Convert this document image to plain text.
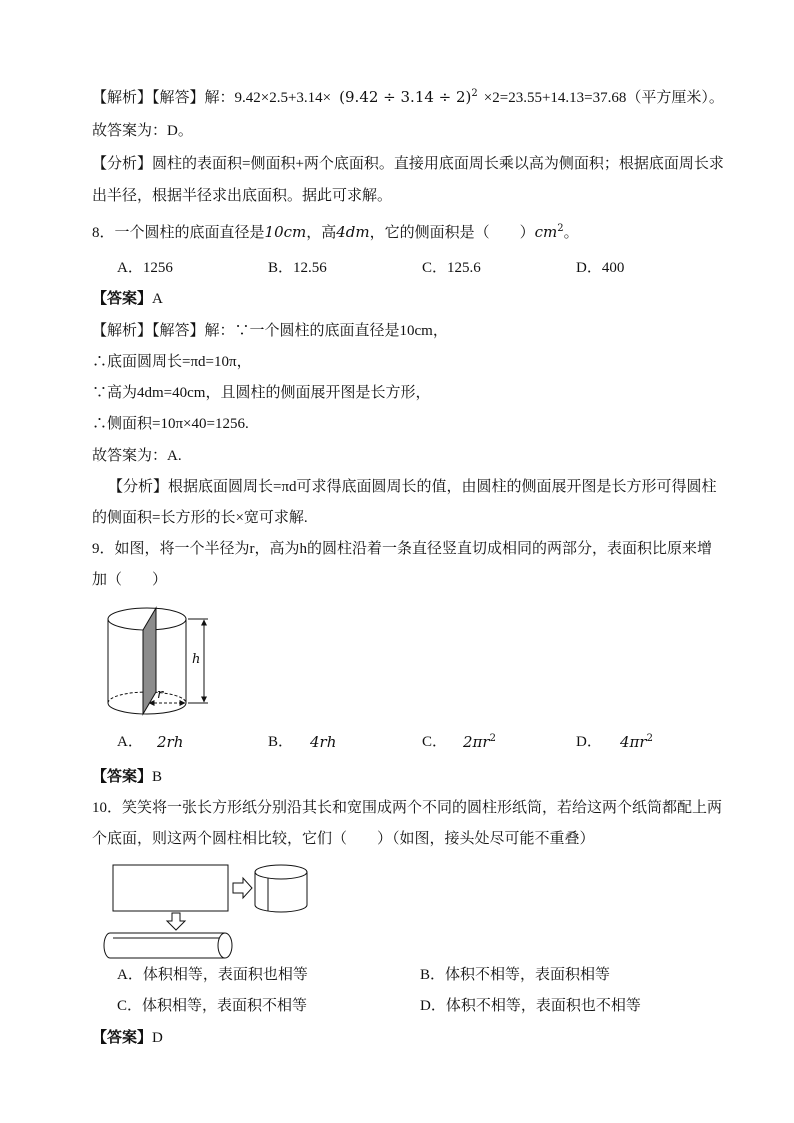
【解析】【解答】解：$9.42\times 2.5+3.14\times (9.42 \div 3.14 \div 2)^2 \times 2=23.55+14.13=37.68$（平方厘米）。
故答案为：D。
【分析】圆柱的表面积=侧面积+两个底面积。直接用底面周长乘以高为侧面积；根据底面周长求
出半径，根据半径求出底面积。据此可求解。
8．一个圆柱的底面直径是10cm，高4dm，它的侧面积是（　　）$cm^2$。
A．1256	B．12.56	C．125.6	D．400
【答案】A
【解析】【解答】解：∵一个圆柱的底面直径是10cm，
∴底面圆周长=πd=10π，
∵高为4dm=40cm，且圆柱的侧面展开图是长方形，
∴侧面积=10π×40=1256.
故答案为：A.
【分析】根据底面圆周长=πd可求得底面圆周长的值，由圆柱的侧面展开图是长方形可得圆柱
的侧面积=长方形的长×宽可求解.
9．如图，将一个半径为r，高为h的圆柱沿着一条直径竖直切成相同的两部分，表面积比原来增
加（　　）
r
h
A． 2rh	B． 4rh	C． $2\pi r^2$	D． $4\pi r^2$
【答案】B
10．笑笑将一张长方形纸分别沿其长和宽围成两个不同的圆柱形纸筒，若给这两个纸筒都配上两
个底面，则这两个圆柱相比较，它们（　　）（如图，接头处尽可能不重叠）
A．体积相等，表面积也相等	B．体积不相等，表面积相等
C．体积相等，表面积不相等	D．体积不相等，表面积也不相等
【答案】D
